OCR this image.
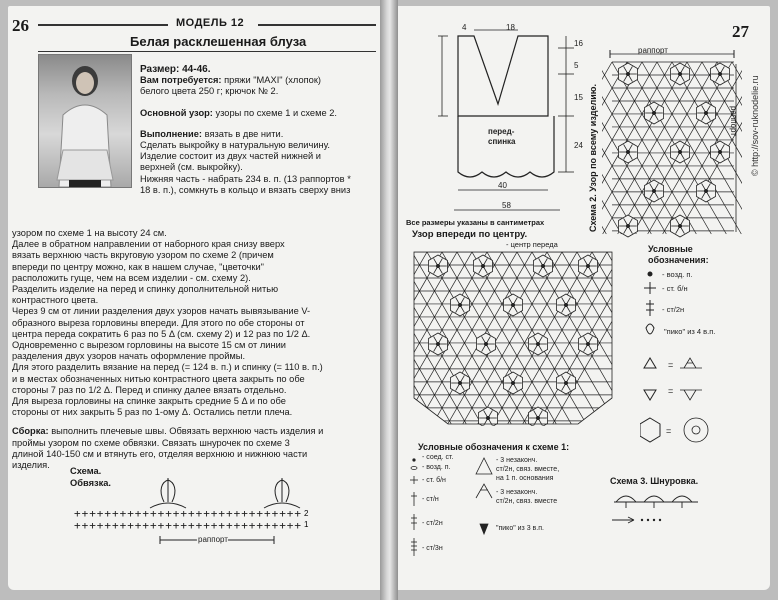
26	МОДЕЛЬ 12
Белая расклешенная блуза
Размер: 44-46.
Вам потребуется: пряжи "MAXI" (хлопок)
белого цвета 250 г; крючок № 2.
Основной узор: узоры по схеме 1 и схеме 2.
Выполнение: вязать в две нити.
Сделать выкройку в натуральную величину.
Изделие состоит из двух частей нижней и
верхней (см. выкройку).
Нижняя часть - набрать 234 в. п. (13 раппортов *
18 в. п.), сомкнуть в кольцо и вязать сверху вниз
узором по схеме 1 на высоту 24 см.
Далее в обратном направлении от наборного края снизу вверх
вязать верхнюю часть вкруговую узором по схеме 2 (причем
впереди по центру можно, как в нашем случае, "цветочки"
расположить гуще, чем на всем изделии - см. схему 2).
Разделить изделие на перед и спинку дополнительной нитью
контрастного цвета.
Через 9 см от линии разделения двух узоров начать вывязывание V-
образного выреза горловины впереди. Для этого по обе стороны от
центра переда сократить 6 раз по 5 Δ (см. схему 2) и 12 раз по 1/2 Δ.
Одновременно с вырезом горловины на высоте 15 см от линии
разделения двух узоров начать оформление проймы.
Для этого разделить вязание на перед (= 124 в. п.) и спинку (= 110 в. п.)
и в местах обозначенных нитью контрастного цвета закрыть по обе
стороны 7 раз по 1/2 Δ. Перед и спинку далее вязать отдельно.
Для выреза горловины на спинке закрыть средние 5 Δ и по обе
стороны от них закрыть 5 раз по 1-ому Δ. Остались петли плеча.
Сборка: выполнить плечевые швы. Обвязать верхнюю часть изделия и
проймы узором по схеме обвязки. Связать шнурочек по схеме 3
длиной 140-150 см и втянуть его, отделяя верхнюю и нижнюю части
изделия.
Схема.
Обвязка.
+ + + + + + + + + + + + + + + + + + + + + + + + + + + + + +
+ + + + + + + + + + + + + + + + + + + + + + + + + + + + + +
2
1
раппорт
27
© http://sov-ruknodelie.ru
18
4
16
5
15
24
40
58
перед-
спинка
Все размеры указаны в сантиметрах
Узор впереди по центру.
- центр переда
Схема 2. Узор по всему изделию.
раппорт
раппорт
Условные
обозначения:
- возд. п.
- ст. б/н
- ст/2н
"пико" из 4 в.п.
=
=
=
Условные обозначения к схеме 1:
- соед. ст.
- возд. п.
- ст. б/н
- ст/н
- ст/2н
- ст/3н
- 3 незаконч.
ст/2н, связ. вместе,
на 1 п. основания
- 3 незаконч.
ст/2н, связ. вместе
"пико" из 3 в.п.
Схема 3. Шнуровка.
